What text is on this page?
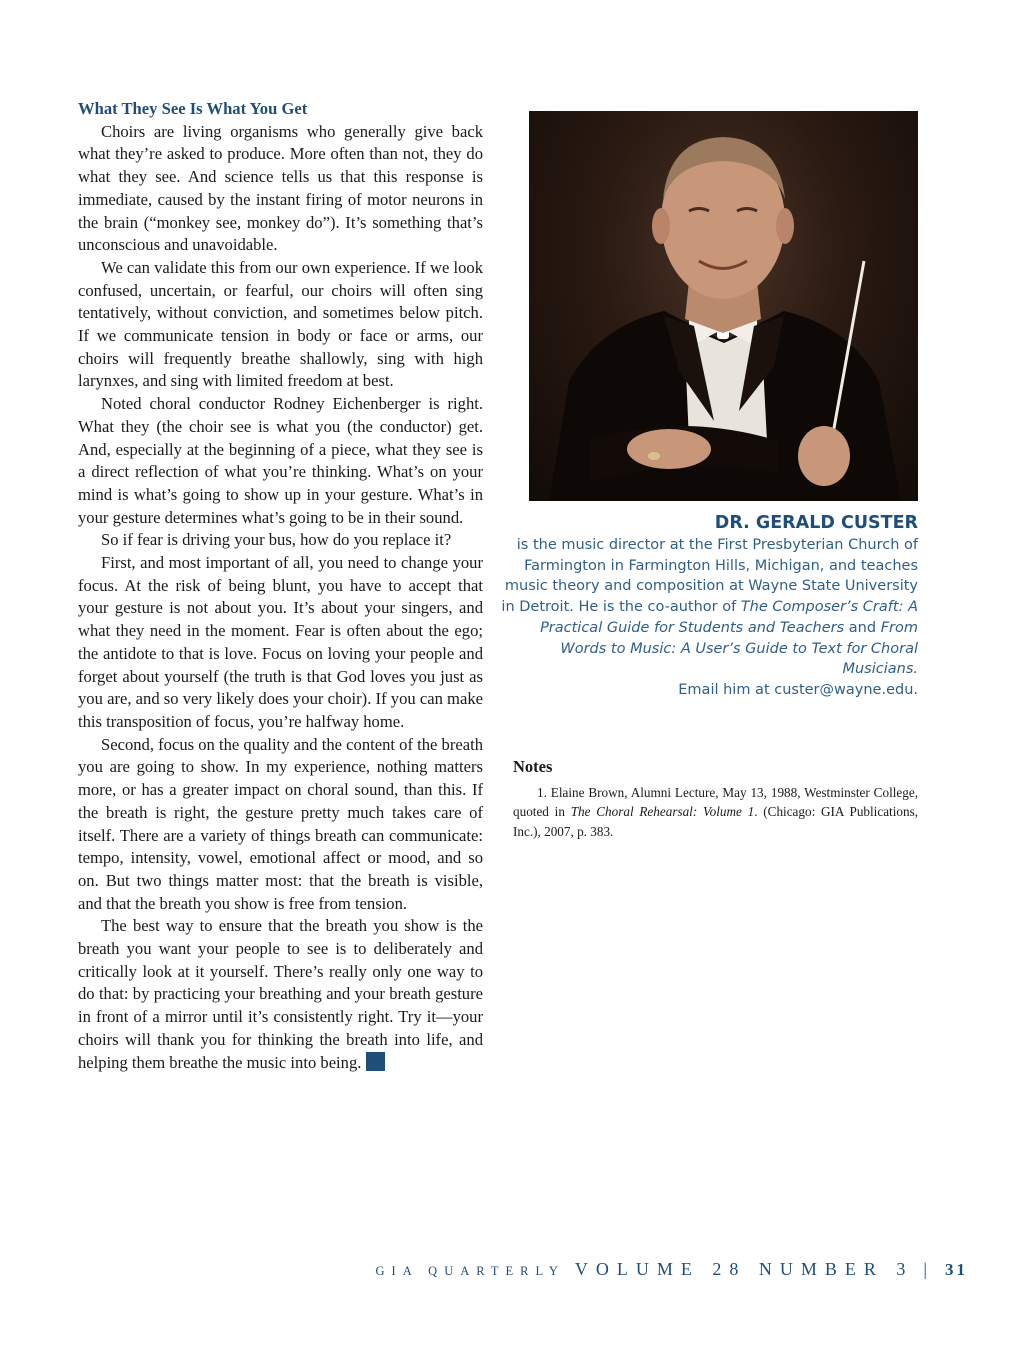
What They See Is What You Get

Choirs are living organisms who generally give back what they’re asked to produce. More often than not, they do what they see. And science tells us that this response is immediate, caused by the instant firing of motor neurons in the brain (“monkey see, monkey do”). It’s something that’s unconscious and unavoidable.

We can validate this from our own experience. If we look confused, uncertain, or fearful, our choirs will often sing tentatively, without conviction, and sometimes below pitch. If we communicate tension in body or face or arms, our choirs will frequently breathe shallowly, sing with high larynxes, and sing with limited freedom at best.

Noted choral conductor Rodney Eichenberger is right. What they (the choir see is what you (the conductor) get. And, especially at the beginning of a piece, what they see is a direct reflection of what you’re thinking. What’s on your mind is what’s going to show up in your gesture. What’s in your gesture determines what’s going to be in their sound.

So if fear is driving your bus, how do you replace it?

First, and most important of all, you need to change your focus. At the risk of being blunt, you have to accept that your gesture is not about you. It’s about your singers, and what they need in the moment. Fear is often about the ego; the antidote to that is love. Focus on loving your people and forget about yourself (the truth is that God loves you just as you are, and so very likely does your choir). If you can make this transposition of focus, you’re halfway home.

Second, focus on the quality and the content of the breath you are going to show. In my experience, nothing matters more, or has a greater impact on choral sound, than this. If the breath is right, the gesture pretty much takes care of itself. There are a variety of things breath can communicate: tempo, intensity, vowel, emotional affect or mood, and so on. But two things matter most: that the breath is visible, and that the breath you show is free from tension.

The best way to ensure that the breath you show is the breath you want your people to see is to deliberately and critically look at it yourself. There’s really only one way to do that: by practicing your breathing and your breath gesture in front of a mirror until it’s consistently right. Try it—your choirs will thank you for thinking the breath into life, and helping them breathe the music into being.

DR. GERALD CUSTER
is the music director at the First Presbyterian Church of Farmington in Farmington Hills, Michigan, and teaches music theory and composition at Wayne State University in Detroit. He is the co-author of The Composer’s Craft: A Practical Guide for Students and Teachers and From Words to Music: A User’s Guide to Text for Choral Musicians.
Email him at custer@wayne.edu.
Notes

1. Elaine Brown, Alumni Lecture, May 13, 1988, Westminster College, quoted in The Choral Rehearsal: Volume 1. (Chicago: GIA Publications, Inc.), 2007, p. 383.

GIA QUARTERLY VOLUME 28 NUMBER 3 | 31
